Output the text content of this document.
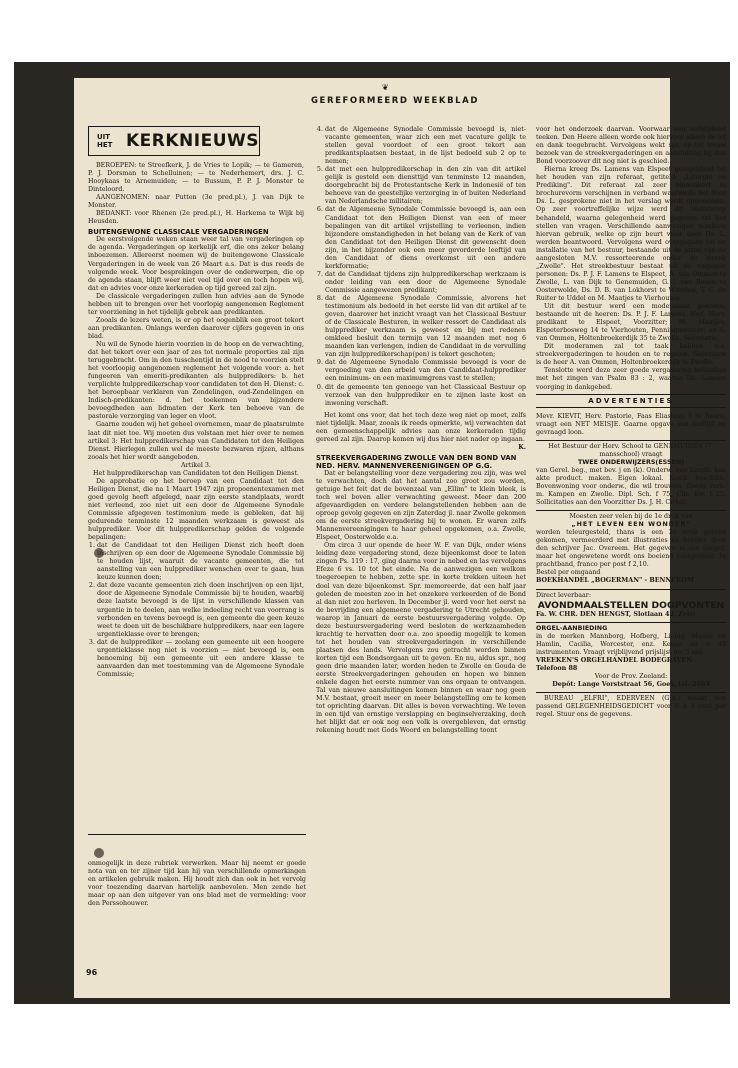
❦
GEREFORMEERD WEEKBLAD
UIT HET KERKNIEUWS

BEROEPEN: te Streefkerk, J. de Vries te Lopik; — te Gameren, P. J. Dorsman te Schelluinen; — te Nederhemert, drs. J. C. Hooykaas te Arnemuiden; — te Bussum, P. P. J. Monster te Dinteloord.

AANGENOMEN: naar Putten (3e pred.pl.), J. van Dijk te Monster.

BEDANKT: voor Rhenen (2e pred.pl.), H. Harkema te Wijk bij Heusden.

BUITENGEWONE CLASSICALE VERGADERINGEN

De eerstvolgende weken staan weer tal van vergaderingen op de agenda. Vergaderingen op kerkelijk erf, die ons zeker belang inboezemen. Allereerst noemen wij de buitengewone Classicale Vergaderingen in de week van 26 Maart a.s. Dat is dus reeds de volgende week. Voor besprekingen over de onderwerpen, die op de agenda staan, blijft weer niet veel tijd over en toch hopen wij, dat en advies voor onze kerkeraden op tijd gereed zal zijn.

De classicale vergaderingen zullen hun advies aan de Synode hebben uit te brengen over het voorlopig aangenomen Reglement ter voorziening in het tijdelijk gebrek aan predikanten.

Zooals de lezers weten, is er op het oogenblik een groot tekort aan predikanten. Onlangs werden daarover cijfers gegeven in ons blad.

Nu wil de Synode hierin voorzien in de hoop en de verwachting, dat het tekort over een jaar of zes tot normale proporties zal zijn teruggebracht. Om in den tusschentijd in de nood te voorzien stelt het voorloopig aangenomen reglement het volgende voor: a. het fungeeren van emeriti-predikanten als hulppredikers: b. het verplichte hulppredikerschap voor candidaten tot den H. Dienst: c. het beroepbaar verklaren van Zendelingen, oud-Zendelingen en Indisch-predikanten: d. het toekennen van bijzondere bevoegdheden aan lidmaten der Kerk ten behoeve van de pastorale verzorging van leger en vloot.

Gaarne zouden wij het geheel overnemen, maar de plaatsruimte laat dit niet toe. Wij moeten dus volstaan met hier over te nemen artikel 3: Het hulppredikerschap van Candidaten tot den Heiligen Dienst. Hierlegen zullen wel de meeste bezwaren rijzen, althans zooals het hier wordt aangeboden.

Artikel 3.

Het hulppredikerschap van Candidaten tot den Heiligen Dienst.

De approbatie op het beroep van een Candidaat tot den Heiligen Dienst, die na 1 Maart 1947 zijn propoenentexamen met goed gevolg heeft afgelegd, naar zijn eerste standplaats, wordt niet verleend, zoo niet uit een door de Algemeene Synodale Commissie afgegeven testimonium mede is gebleken, dat hij gedurende tenminste 12 maanden werkzaam is geweest als hulpprediker. Voor dit hulppredikerschap gelden de volgende bepalingen:

1. dat de Candidaat tot den Heiligen Dienst zich heeft doen inschrijven op een door de Algemeene Synodale Commissie bij te houden lijst, waaruit de vacante gemeenten, die tot aanstelling van een hulpprediker wenschen over te gaan, hun keuze kunnen doen;
2. dat deze vacante gemeenten zich doen inschrijven op een lijst, door de Algemeene Synodale Commissie bij te houden, waarbij deze laatste bevoegd is de lijst in verschillende klassen van urgentie in te deelen, aan welke indeeling recht van voorrang is verbonden en tevens bevoegd is, een gemeente die geen keuze weet te doen uit de beschikbare hulppredikers, naar een lagere urgentieklasse over te brengen;
3. dat de hulpprediker — zoolang een gemeente uit een hoogere urgentieklasse nog niet is voorzien — niet bevoegd is, een benoeming bij een gemeente uit een andere klasse te aanvaarden dan met toestemming van de Algemeene Synodale Commissie;

onmogelijk in deze rubriek verwerken. Maar hij neemt er goede nota van en ter zijner tijd kan hij van verschillende opmerkingen en artikelen gebruik maken. Hij houdt zich dan ook in het vervolg voor toezending daarvan hartelijk aanbevolen. Men zende het maar op aan den uitgever van ons blad met de vermelding: voor den Perssohouwer.

96
4. dat de Algemeene Synodale Commissie bevoegd is, niet-vacante gemeenten, waar zich een met vacature gelijk te stellen geval voordoet of een groot tekort aan predikantsplaatsen bestaat, in de lijst bedoeld sub 2 op te nemen;
5. dat met een hulppredikerschap in den zin van dit artikel gelijk is gesteld een diensttijd van tenminste 12 maanden, doorgebracht bij de Protestantsche Kerk in Indonesië of ten behoeve van de geestelijke verzorging in of buiten Nederland van Nederlandsche militairen;
6. dat de Algemeene Synodale Commissie bevoegd is, aan een Candidaat tot den Heiligen Dienst van een of meer bepalingen van dit artikel vrijstelling te verleenen, indien bijzondere omstandigheden in het belang van de Kerk of van den Candidaat tot den Heiligen Dienst dit gewenscht doen zijn, in het bijzonder ook een meer gevorderde leeftijd van den Candidaat of diens overkomst uit een andere kerkformatie;
7. dat de Candidaat tijdens zijn hulppredikerschap werkzaam is onder leiding van een door de Algemeene Synodale Commissie aangewezen predikant;
8. dat de Algemeene Synodale Commissie, alvorens het testimonium als bedoeld in het eerste lid van dit artikel af te geven, daarover het inzicht vraagt van het Classicaal Bestuur of de Classicale Besturen, in welker ressort de Candidaat als hulpprediker werkzaam is geweest en bij met redenen omkleed besluit den termijn van 12 maanden met nog 6 maanden kan verlengen, indien de Candidaat in de vervulling van zijn hulppredikerschap(pen) is tekort geschoten;
9. dat de Algemeene Synodale Commissie bevoegd is voor de vergoeding van den arbeid van den Candidaat-hulpprediker een minimum- en een maximumgrens vast te stellen;
10. dit de gemeente ten genoege van het Classicaal Bestuur op verzoek van den hulpprediker en te zijnen laste kost en inwoning verschaft.

Het komt ons voor, dat het toch deze weg niet op moet, zelfs niet tijdelijk. Maar, zooals ik reeds opmerkte, wij verwachten dat een gemeenschappelijk advies aan onze kerkeraden tijdig gereed zal zijn. Daarop komen wij dus hier niet nader op ingaan.

K.

STREEKVERGADERING ZWOLLE VAN DEN BOND VAN NED. HERV. MANNENVEREENIGINGEN OP G.G.

Dat er belangstelling voor deze vergadering zou zijn, was wel te verwachten, doch dat het aantal zoo groot zou worden, getuige het feit dat de bovenzaal van „Ellim" te klein bleek, is toch wel boven aller verwachting geweest. Meer dan 200 afgevaardigden en verdere belangstellenden hebben aan de oproep gevolg gegeven en zijn Zaterdag jl. naar Zwolle gekomen om de eerste streekvergadering bij te wonen. Er waren zelfs Mannenvereenigingen te haar geheel opgekomen, o.a. Zwolle, Elspeet, Oosterwolde e.a.

Om circa 3 uur opende de heer W. F. van Dijk, onder wiens leiding deze vergadering stond, deze bijeenkomst door te laten zingen Ps. 119 : 17, ging daarna voor in nebed en las vervolgens Efeze 6 vs. 10 tot het einde. Na de aanwezigen een welkom toegeroepen te hebben, zette spr. in korte trekken uiteen het doel van deze bijeenkomst. Spr. memoreerde, dat een half jaar geleden de meesten zoo in het onzekere verkeerden of de Bond al dan niet zou herleven. In December jl. werd voor het eerst na de bevrijding een algemeene vergadering te Utrecht gehouden, waarop in Januari de eerste bestuursvergadering volgde. Op deze bestuursvergadering werd besloten de werkzaamheden krachtig te hervatten door o.a. zoo spoedig mogelijk te komen tot het houden van streekvergaderingen in verschillende plaatsen des lands. Vervolgens zou getracht worden binnen korten tijd een Bondsorgaan uit te geven. En nu, aldus spr., nog geen drie maanden later, worden heden te Zwolle en Gouda de eerste Streekvergaderingen gehouden en hopen we binnen enkele dagen het eerste nummer van ons orgaan te ontvangen. Tal van nieuwe aansluitingen komen binnen en waar nog geen M.V. bestaat, groeit meer en meer belangstelling om te komen tot oprichting daarvan. Dit alles is boven verwachting. We leven in een tijd van ernstige verslapping en beginselverzaking, doch het blijkt dat er ook nog een volk is overgebleven, dat ernstig rekening houdt met Gods Woord en belangstelling toont

voor het onderzoek daarvan. Voorwaar een verblijdend teeken. Den Heere alleen worde ook hiervoor alleen de lof en dank toegebracht. Vervolgens wekt spr. op tot trouw bezoek van de streekvergaderingen en aansluiting bij den Bond voorzoover dit nog niet is geschied.

Hierna kreeg Ds. Lamens van Elspeet gelegenheid tot het houden van zijn referaat, getiteld: „Liturgie en Prediking". Dit referaat zal zeer binnenkort in brochurevorm verschijnen in verband waarmede het door Ds. L. gesprokene niet in het verslag wordt opgenomen. Op zeer voortreffelijke wijze werd dit onderwerp behandeld, waarna gelegenheid werd gegeven tot het stellen van vragen. Verschillende aanwezigen maakten hiervan gebruik, welke op zijn beurt weer door Ds. L. werden beantwoord. Vervolgens werd overgegaan tot de installatie van het bestuur, bestaande uit de primi van de aangesloten M.V. ressorteerende onder de streek „Zwolle". Het streekbestuur bestaat uit de volgende personen: Ds. P. J. F. Lamens te Elspeet, A. van Ommen te Zwolle, L. van Dijk te Genemuiden, G. J. van Boven te Oosterwolde, Ds. D. B. van Lokhorst te Wierden, T. C. de Ruiter te Uddel en M. Maatjes te Vierhouten.

Uit dit bestuur werd een moderamen gekozen, bestaande uit de heeren: Ds. P. J. F. Lamens, Ned. Herv. predikant te Elspeet, Voorzitter; M. Maatjes, Elspeterbosweg 14 te Vierhouten, Penningmeester; en A. van Ommen, Holtenbroekerdijk 35 te Zwolle, Secretaris.

Dit moderamen zal tot taak hebben o.a. streekvergaderingen te houden en te regelen. Secretaris is de heer A. van Ommen, Holtenbroekerdijk te Zwolle.

Tenslotte werd deze zeer goede vergadering beëindigd met het zingen van Psalm 83 : 2, waarna Ds. Lamens voorging in dankgebed.

ADVERTENTIES

Mevr. KIEVIT, Herv. Pastorie, Faas Eliaslaan 3 te Baarn, vraagt een NET MEISJE. Gaarne opgave van leeftijd en gevraagd loon.

Het Bestuur der Herv. School te GENEMUIDEN (7-mansschool) vraagt

TWEE ONDERWIJZERS(ESSEN)

van Gerel. beg., met bev. j en (k). Onderw. met Landb. kan akte product. maken. Eigen lokaal. Kosth. beschikb. Bovenwoning voor onderw., die wil trouwen. Goede verb. m. Kampen en Zwolle. Dipl. Sch. f 75, Chr. Kw. f 25. Sollicitaties aan den Voorzitter Ds. J. H. Cirkel.

Moesten zeer velen bij de 1e druk van

„HET LEVEN EEN WONDER"

worden teleurgesteld, thans is een 2e druk gereed gekomen, vermeerderd met illustraties en herzien door den schrijver Jac. Overeem. Het gegeven is zoo simpel, maar het ongewetene wordt ons boeiend voorgesteld. In prachtband, franco per post f 2,10.

Bestel per omgaand

BOEKHANDEL „BOGERMAN" - BENNEKOM

Direct leverbaar:

AVONDMAALSTELLEN DOOPVONTEN

Fa. W. CHR. DEN HENGST, Slotlaan 42, Zeist

ORGEL-AANBIEDING

in de merken Mannborg, Hofberg, Liebig, Mason en Hamlin, Cacilia, Worcester, enz. Keuze uit ± 40 instrumenten. Vraagt vrijblijvend prijslijst no. 5 aan

VREEKEN'S ORGELHANDEL BODEGRAVEN

Telefoon 88

Voor de Prov. Zeeland:

Depôt: Lange Vorststraat 56, Goes, tel. 2663

BUREAU „ELFRI", EDERVEEN (Gld.) maakt een passend GELEGENHEIDSGEDICHT voor U à 3 cent per regel. Stuur ons de gegevens.
